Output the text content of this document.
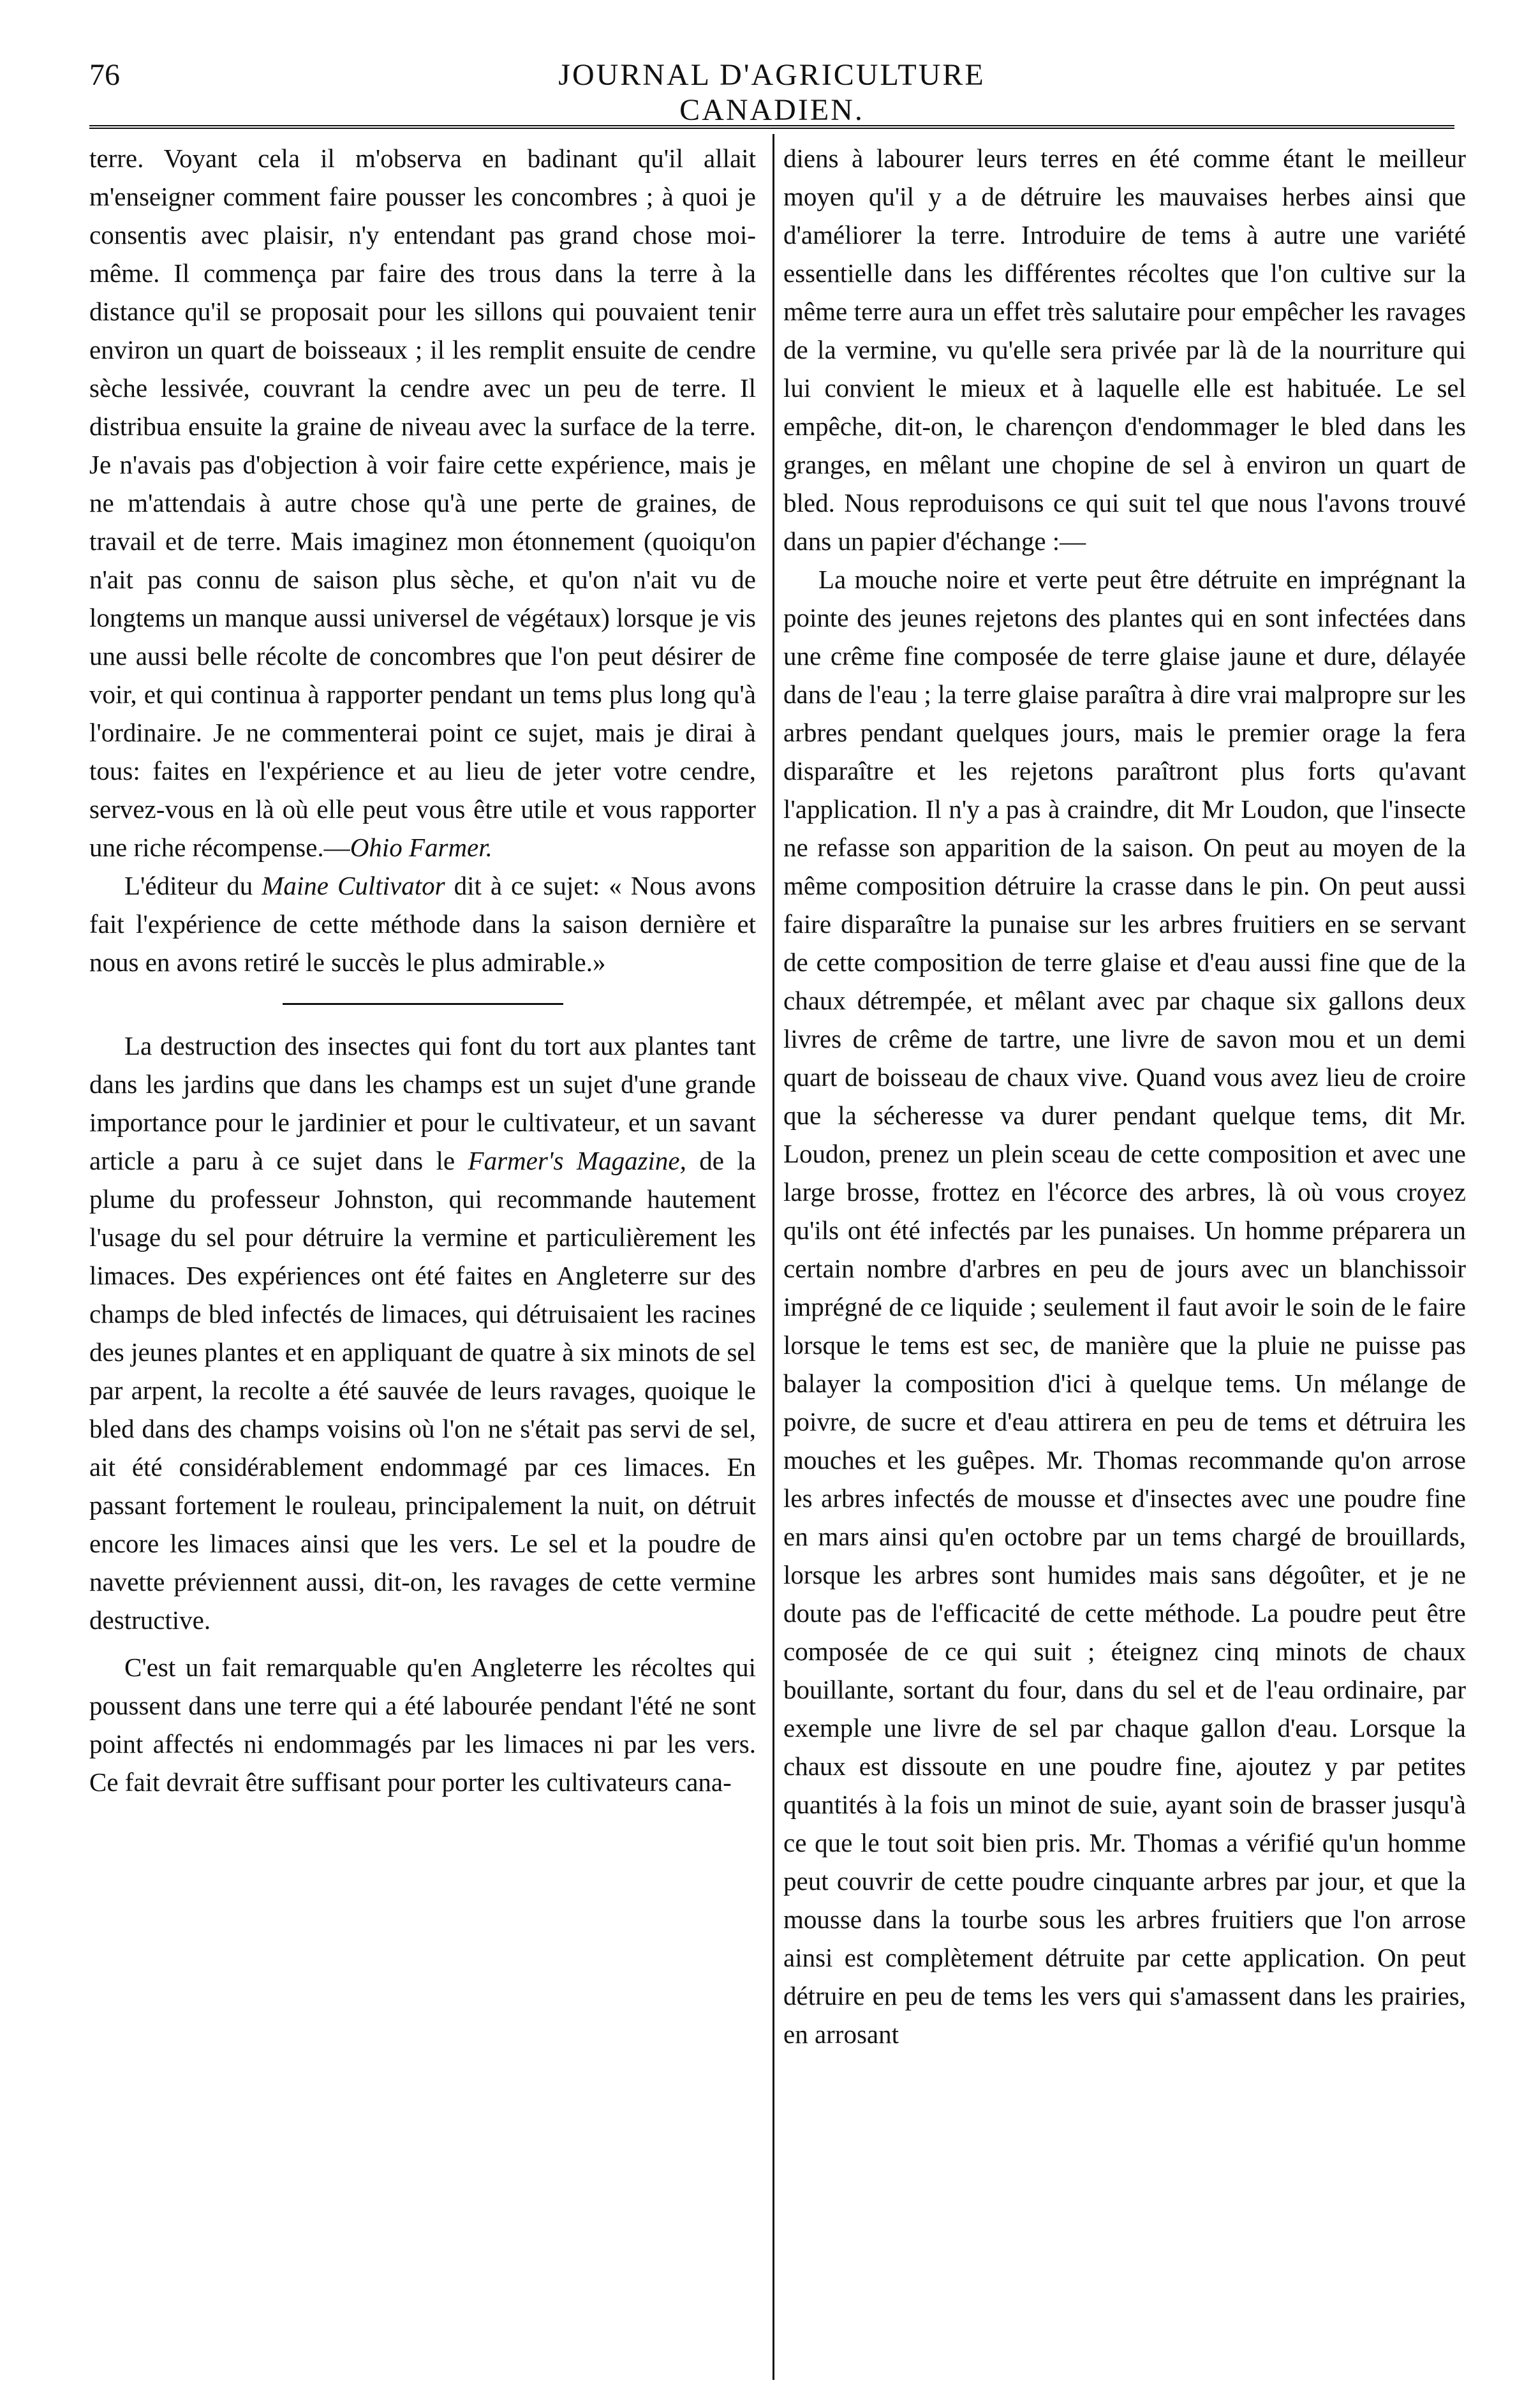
76	JOURNAL D'AGRICULTURE CANADIEN.

terre. Voyant cela il m'observa en badinant qu'il allait m'enseigner comment faire pousser les concombres ; à quoi je consentis avec plaisir, n'y entendant pas grand chose moi-même. Il commença par faire des trous dans la terre à la distance qu'il se proposait pour les sillons qui pouvaient tenir environ un quart de boisseaux ; il les remplit ensuite de cendre sèche lessivée, couvrant la cendre avec un peu de terre. Il distribua ensuite la graine de niveau avec la surface de la terre. Je n'avais pas d'objection à voir faire cette expérience, mais je ne m'attendais à autre chose qu'à une perte de graines, de travail et de terre. Mais imaginez mon étonnement (quoiqu'on n'ait pas connu de saison plus sèche, et qu'on n'ait vu de longtems un manque aussi universel de végétaux) lorsque je vis une aussi belle récolte de concombres que l'on peut désirer de voir, et qui continua à rapporter pendant un tems plus long qu'à l'ordinaire. Je ne commenterai point ce sujet, mais je dirai à tous: faites en l'expérience et au lieu de jeter votre cendre, servez-vous en là où elle peut vous être utile et vous rapporter une riche récompense.—Ohio Farmer.

L'éditeur du Maine Cultivator dit à ce sujet: « Nous avons fait l'expérience de cette méthode dans la saison dernière et nous en avons retiré le succès le plus admirable.»

La destruction des insectes qui font du tort aux plantes tant dans les jardins que dans les champs est un sujet d'une grande importance pour le jardinier et pour le cultivateur, et un savant article a paru à ce sujet dans le Farmer's Magazine, de la plume du professeur Johnston, qui recommande hautement l'usage du sel pour détruire la vermine et particulièrement les limaces. Des expériences ont été faites en Angleterre sur des champs de bled infectés de limaces, qui détruisaient les racines des jeunes plantes et en appliquant de quatre à six minots de sel par arpent, la recolte a été sauvée de leurs ravages, quoique le bled dans des champs voisins où l'on ne s'était pas servi de sel, ait été considérablement endommagé par ces limaces. En passant fortement le rouleau, principalement la nuit, on détruit encore les limaces ainsi que les vers. Le sel et la poudre de navette préviennent aussi, dit-on, les ravages de cette vermine destructive.

C'est un fait remarquable qu'en Angleterre les récoltes qui poussent dans une terre qui a été labourée pendant l'été ne sont point affectés ni endommagés par les limaces ni par les vers. Ce fait devrait être suffisant pour porter les cultivateurs cana-

diens à labourer leurs terres en été comme étant le meilleur moyen qu'il y a de détruire les mauvaises herbes ainsi que d'améliorer la terre. Introduire de tems à autre une variété essentielle dans les différentes récoltes que l'on cultive sur la même terre aura un effet très salutaire pour empêcher les ravages de la vermine, vu qu'elle sera privée par là de la nourriture qui lui convient le mieux et à laquelle elle est habituée. Le sel empêche, dit-on, le charençon d'endommager le bled dans les granges, en mêlant une chopine de sel à environ un quart de bled. Nous reproduisons ce qui suit tel que nous l'avons trouvé dans un papier d'échange :—

La mouche noire et verte peut être détruite en imprégnant la pointe des jeunes rejetons des plantes qui en sont infectées dans une crême fine composée de terre glaise jaune et dure, délayée dans de l'eau ; la terre glaise paraîtra à dire vrai malpropre sur les arbres pendant quelques jours, mais le premier orage la fera disparaître et les rejetons paraîtront plus forts qu'avant l'application. Il n'y a pas à craindre, dit Mr Loudon, que l'insecte ne refasse son apparition de la saison. On peut au moyen de la même composition détruire la crasse dans le pin. On peut aussi faire disparaître la punaise sur les arbres fruitiers en se servant de cette composition de terre glaise et d'eau aussi fine que de la chaux détrempée, et mêlant avec par chaque six gallons deux livres de crême de tartre, une livre de savon mou et un demi quart de boisseau de chaux vive. Quand vous avez lieu de croire que la sécheresse va durer pendant quelque tems, dit Mr. Loudon, prenez un plein sceau de cette composition et avec une large brosse, frottez en l'écorce des arbres, là où vous croyez qu'ils ont été infectés par les punaises. Un homme préparera un certain nombre d'arbres en peu de jours avec un blanchissoir imprégné de ce liquide ; seulement il faut avoir le soin de le faire lorsque le tems est sec, de manière que la pluie ne puisse pas balayer la composition d'ici à quelque tems. Un mélange de poivre, de sucre et d'eau attirera en peu de tems et détruira les mouches et les guêpes. Mr. Thomas recommande qu'on arrose les arbres infectés de mousse et d'insectes avec une poudre fine en mars ainsi qu'en octobre par un tems chargé de brouillards, lorsque les arbres sont humides mais sans dégoûter, et je ne doute pas de l'efficacité de cette méthode. La poudre peut être composée de ce qui suit ; éteignez cinq minots de chaux bouillante, sortant du four, dans du sel et de l'eau ordinaire, par exemple une livre de sel par chaque gallon d'eau. Lorsque la chaux est dissoute en une poudre fine, ajoutez y par petites quantités à la fois un minot de suie, ayant soin de brasser jusqu'à ce que le tout soit bien pris. Mr. Thomas a vérifié qu'un homme peut couvrir de cette poudre cinquante arbres par jour, et que la mousse dans la tourbe sous les arbres fruitiers que l'on arrose ainsi est complètement détruite par cette application. On peut détruire en peu de tems les vers qui s'amassent dans les prairies, en arrosant
